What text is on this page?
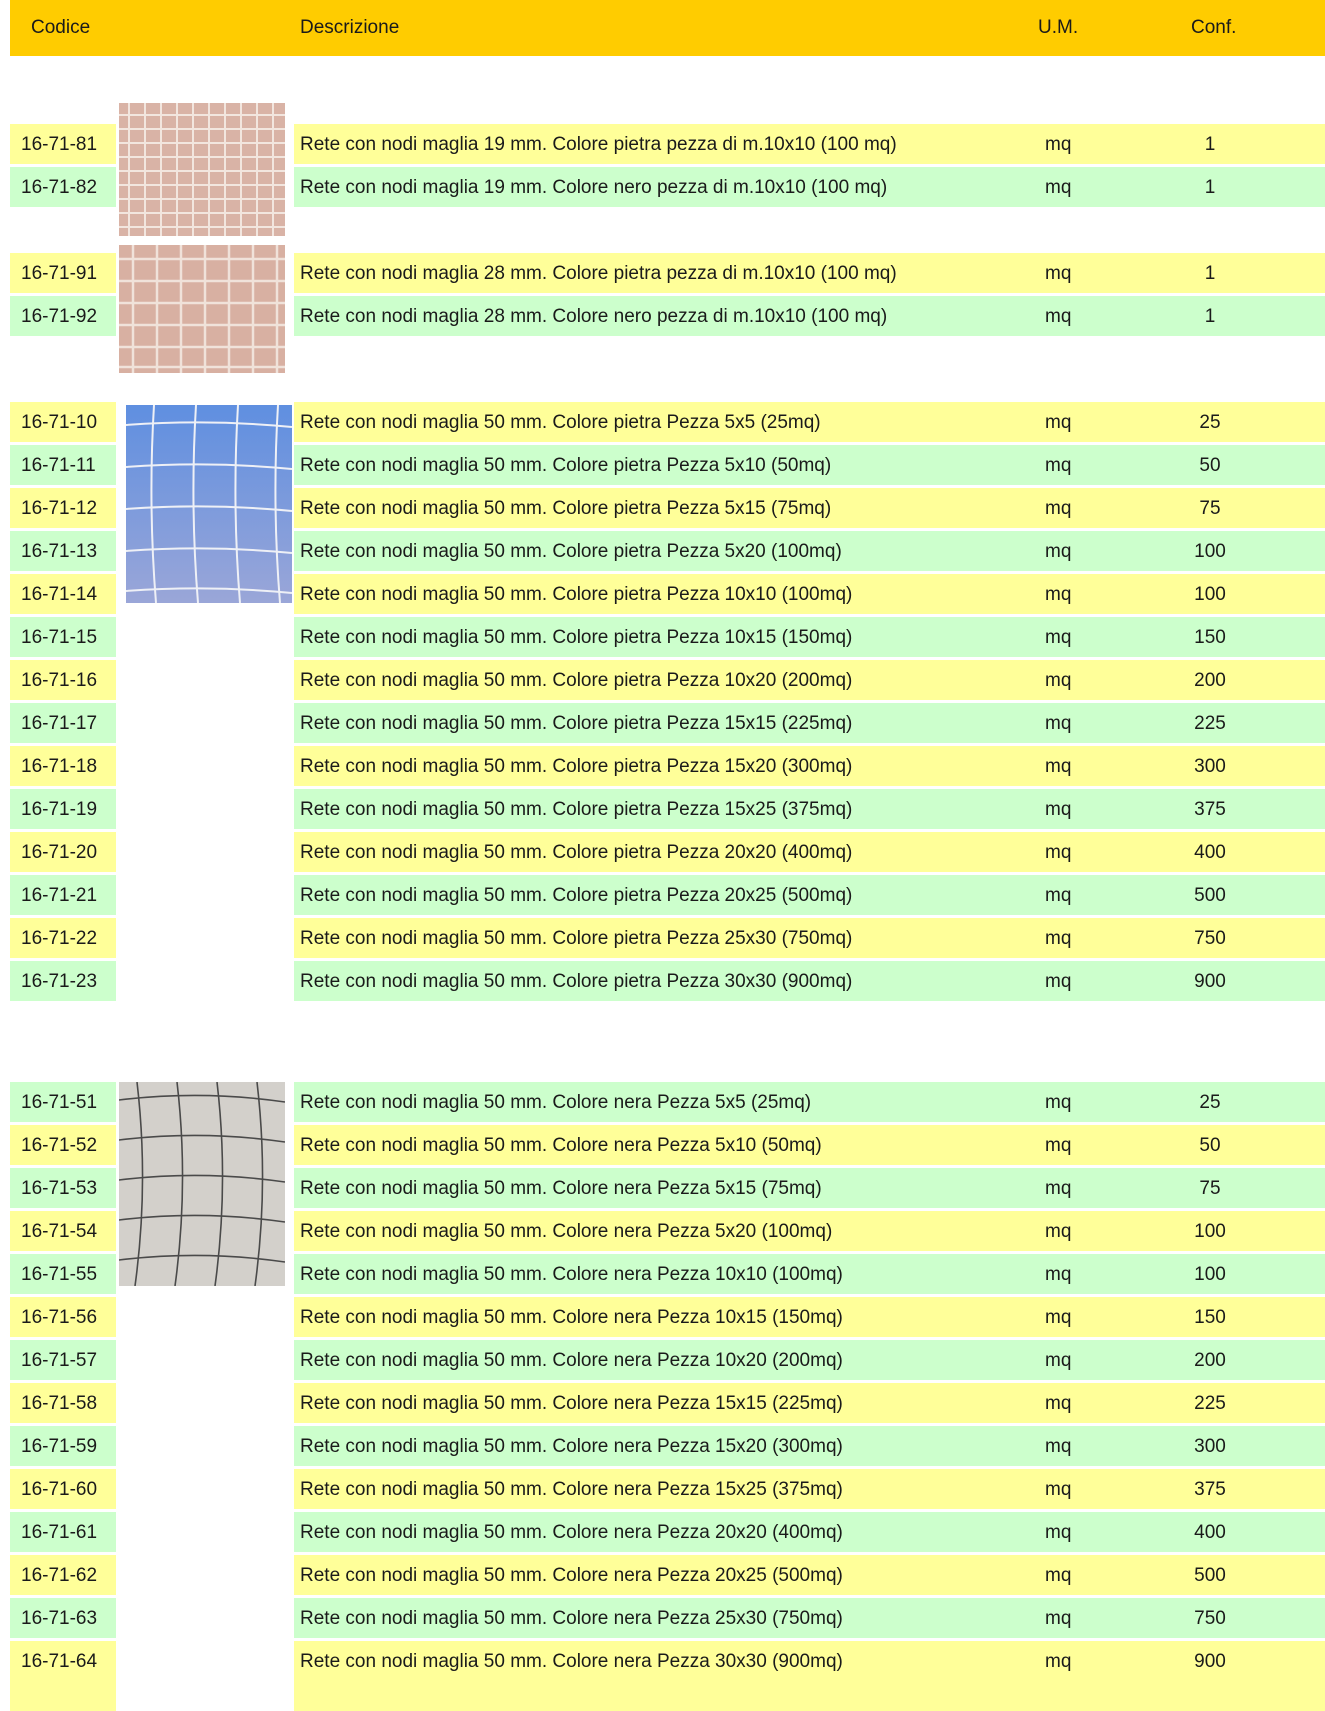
Codice	Descrizione	U.M.	Conf.
16-71-81	Rete con nodi maglia 19 mm. Colore pietra pezza di m.10x10 (100 mq)	mq	1
16-71-82	Rete con nodi maglia 19 mm. Colore nero pezza di m.10x10 (100 mq)	mq	1
16-71-91	Rete con nodi maglia 28 mm. Colore pietra pezza di m.10x10 (100 mq)	mq	1
16-71-92	Rete con nodi maglia 28 mm. Colore nero pezza di m.10x10 (100 mq)	mq	1
16-71-10	Rete con nodi maglia 50 mm. Colore pietra Pezza 5x5 (25mq)	mq	25
16-71-11	Rete con nodi maglia 50 mm. Colore pietra Pezza 5x10 (50mq)	mq	50
16-71-12	Rete con nodi maglia 50 mm. Colore pietra Pezza 5x15 (75mq)	mq	75
16-71-13	Rete con nodi maglia 50 mm. Colore pietra Pezza 5x20 (100mq)	mq	100
16-71-14	Rete con nodi maglia 50 mm. Colore pietra Pezza 10x10 (100mq)	mq	100
16-71-15	Rete con nodi maglia 50 mm. Colore pietra Pezza 10x15 (150mq)	mq	150
16-71-16	Rete con nodi maglia 50 mm. Colore pietra Pezza 10x20 (200mq)	mq	200
16-71-17	Rete con nodi maglia 50 mm. Colore pietra Pezza 15x15 (225mq)	mq	225
16-71-18	Rete con nodi maglia 50 mm. Colore pietra Pezza 15x20 (300mq)	mq	300
16-71-19	Rete con nodi maglia 50 mm. Colore pietra Pezza 15x25 (375mq)	mq	375
16-71-20	Rete con nodi maglia 50 mm. Colore pietra Pezza 20x20 (400mq)	mq	400
16-71-21	Rete con nodi maglia 50 mm. Colore pietra Pezza 20x25 (500mq)	mq	500
16-71-22	Rete con nodi maglia 50 mm. Colore pietra Pezza 25x30 (750mq)	mq	750
16-71-23	Rete con nodi maglia 50 mm. Colore pietra Pezza 30x30 (900mq)	mq	900
16-71-51	Rete con nodi maglia 50 mm. Colore nera Pezza 5x5 (25mq)	mq	25
16-71-52	Rete con nodi maglia 50 mm. Colore nera Pezza 5x10 (50mq)	mq	50
16-71-53	Rete con nodi maglia 50 mm. Colore nera Pezza 5x15 (75mq)	mq	75
16-71-54	Rete con nodi maglia 50 mm. Colore nera Pezza 5x20 (100mq)	mq	100
16-71-55	Rete con nodi maglia 50 mm. Colore nera Pezza 10x10 (100mq)	mq	100
16-71-56	Rete con nodi maglia 50 mm. Colore nera Pezza 10x15 (150mq)	mq	150
16-71-57	Rete con nodi maglia 50 mm. Colore nera Pezza 10x20 (200mq)	mq	200
16-71-58	Rete con nodi maglia 50 mm. Colore nera Pezza 15x15 (225mq)	mq	225
16-71-59	Rete con nodi maglia 50 mm. Colore nera Pezza 15x20 (300mq)	mq	300
16-71-60	Rete con nodi maglia 50 mm. Colore nera Pezza 15x25 (375mq)	mq	375
16-71-61	Rete con nodi maglia 50 mm. Colore nera Pezza 20x20 (400mq)	mq	400
16-71-62	Rete con nodi maglia 50 mm. Colore nera Pezza 20x25 (500mq)	mq	500
16-71-63	Rete con nodi maglia 50 mm. Colore nera Pezza 25x30 (750mq)	mq	750
16-71-64	Rete con nodi maglia 50 mm. Colore nera Pezza 30x30 (900mq)	mq	900
